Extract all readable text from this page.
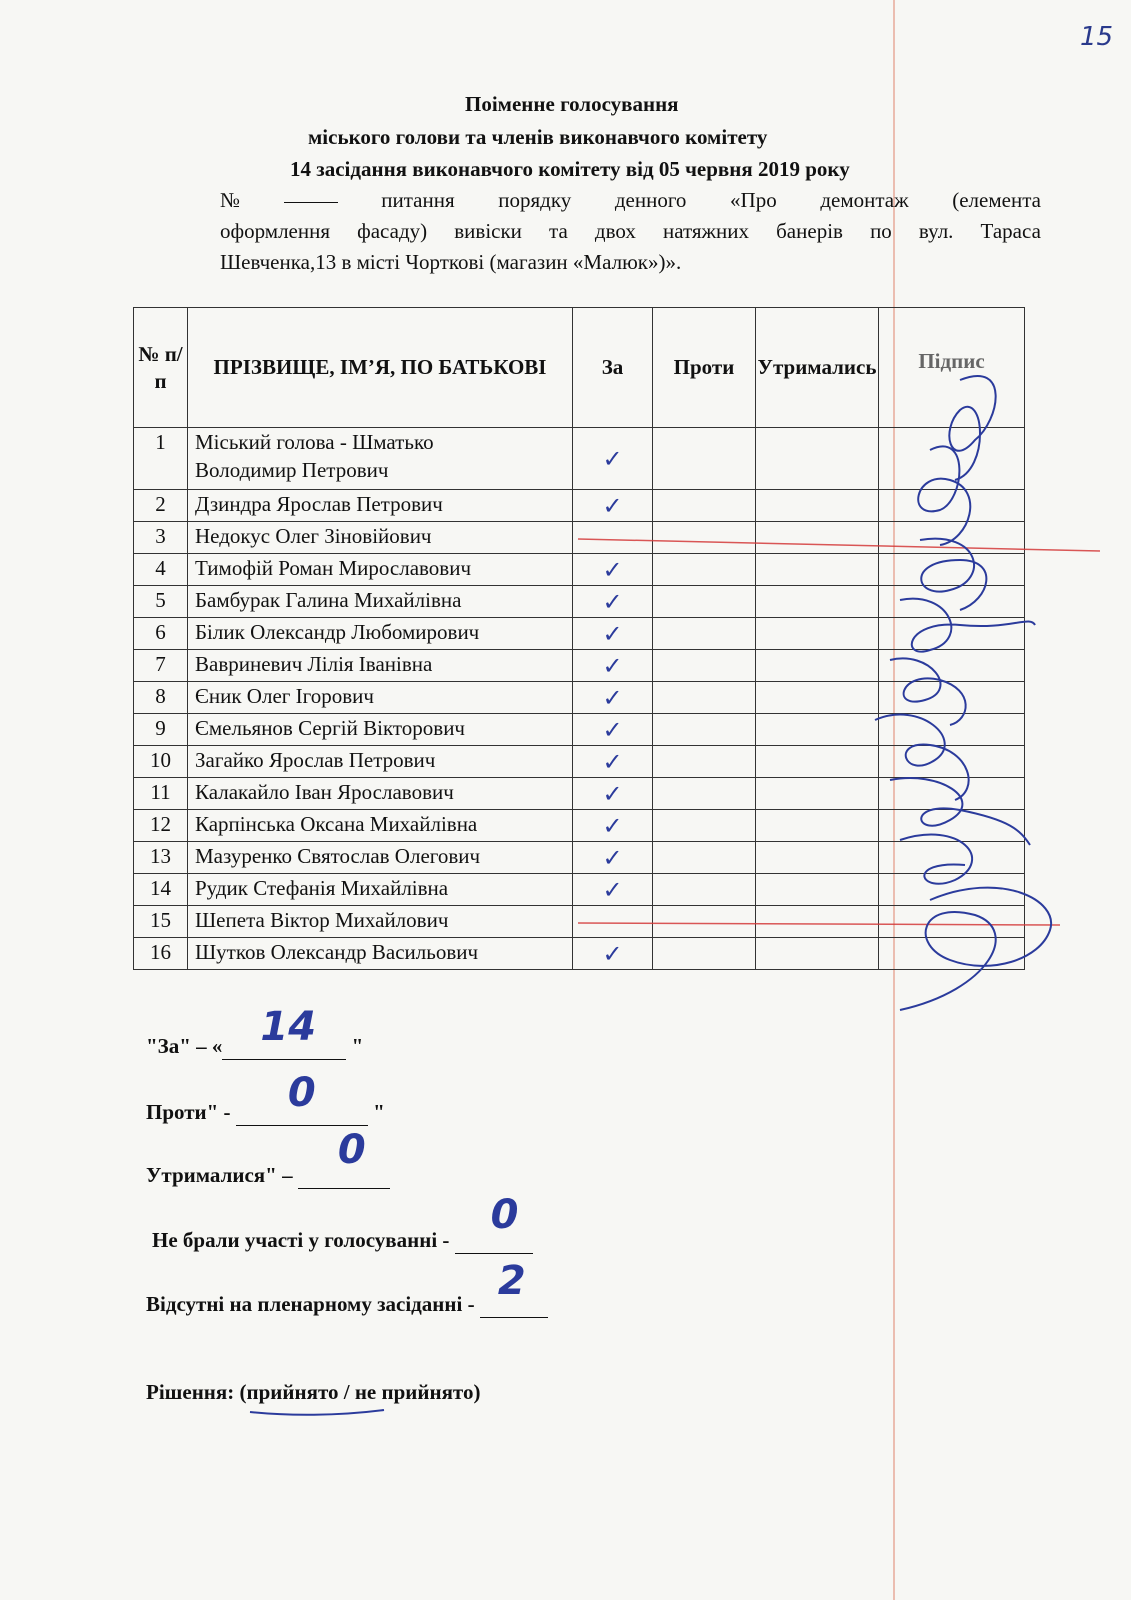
15
Поіменне голосування
міського голови та членів виконавчого комітету
14 засідання виконавчого комітету від 05 червня 2019 року
№	питання порядку денного «Про демонтаж (елемента
оформлення фасаду) вивіски та двох натяжних банерів по вул. Тараса
Шевченка,13 в місті Чорткові (магазин «Малюк»)».
№ п/ п	ПРІЗВИЩЕ, ІМ’Я, ПО БАТЬКОВІ	За	Проти	Утримались	Підпис
1	Міський голова - Шматько
Володимир Петрович	✓			

2	Дзиндра Ярослав Петрович	✓			

3	Недокус Олег Зіновійович				

4	Тимофій Роман Мирославович	✓			

5	Бамбурак Галина Михайлівна	✓			

6	Білик Олександр Любомирович	✓			

7	Вавриневич Лілія Іванівна	✓			

8	Єник Олег Ігорович	✓			

9	Ємельянов Сергій Вікторович	✓			

10	Загайко Ярослав Петрович	✓			

11	Калакайло Іван Ярославович	✓			

12	Карпінська Оксана Михайлівна	✓			

13	Мазуренко Святослав Олегович	✓			

14	Рудик Стефанія Михайлівна	✓			

15	Шепета Віктор Михайлович				

16	Шутков Олександр Васильович	✓			

"За" – « 14 "
Проти" - 0 "
Утрималися" –
0

Не брали участі у голосуванні -
0

Відсутні на пленарному засіданні - 2

Рішення: (прийнято / не прийнято)
